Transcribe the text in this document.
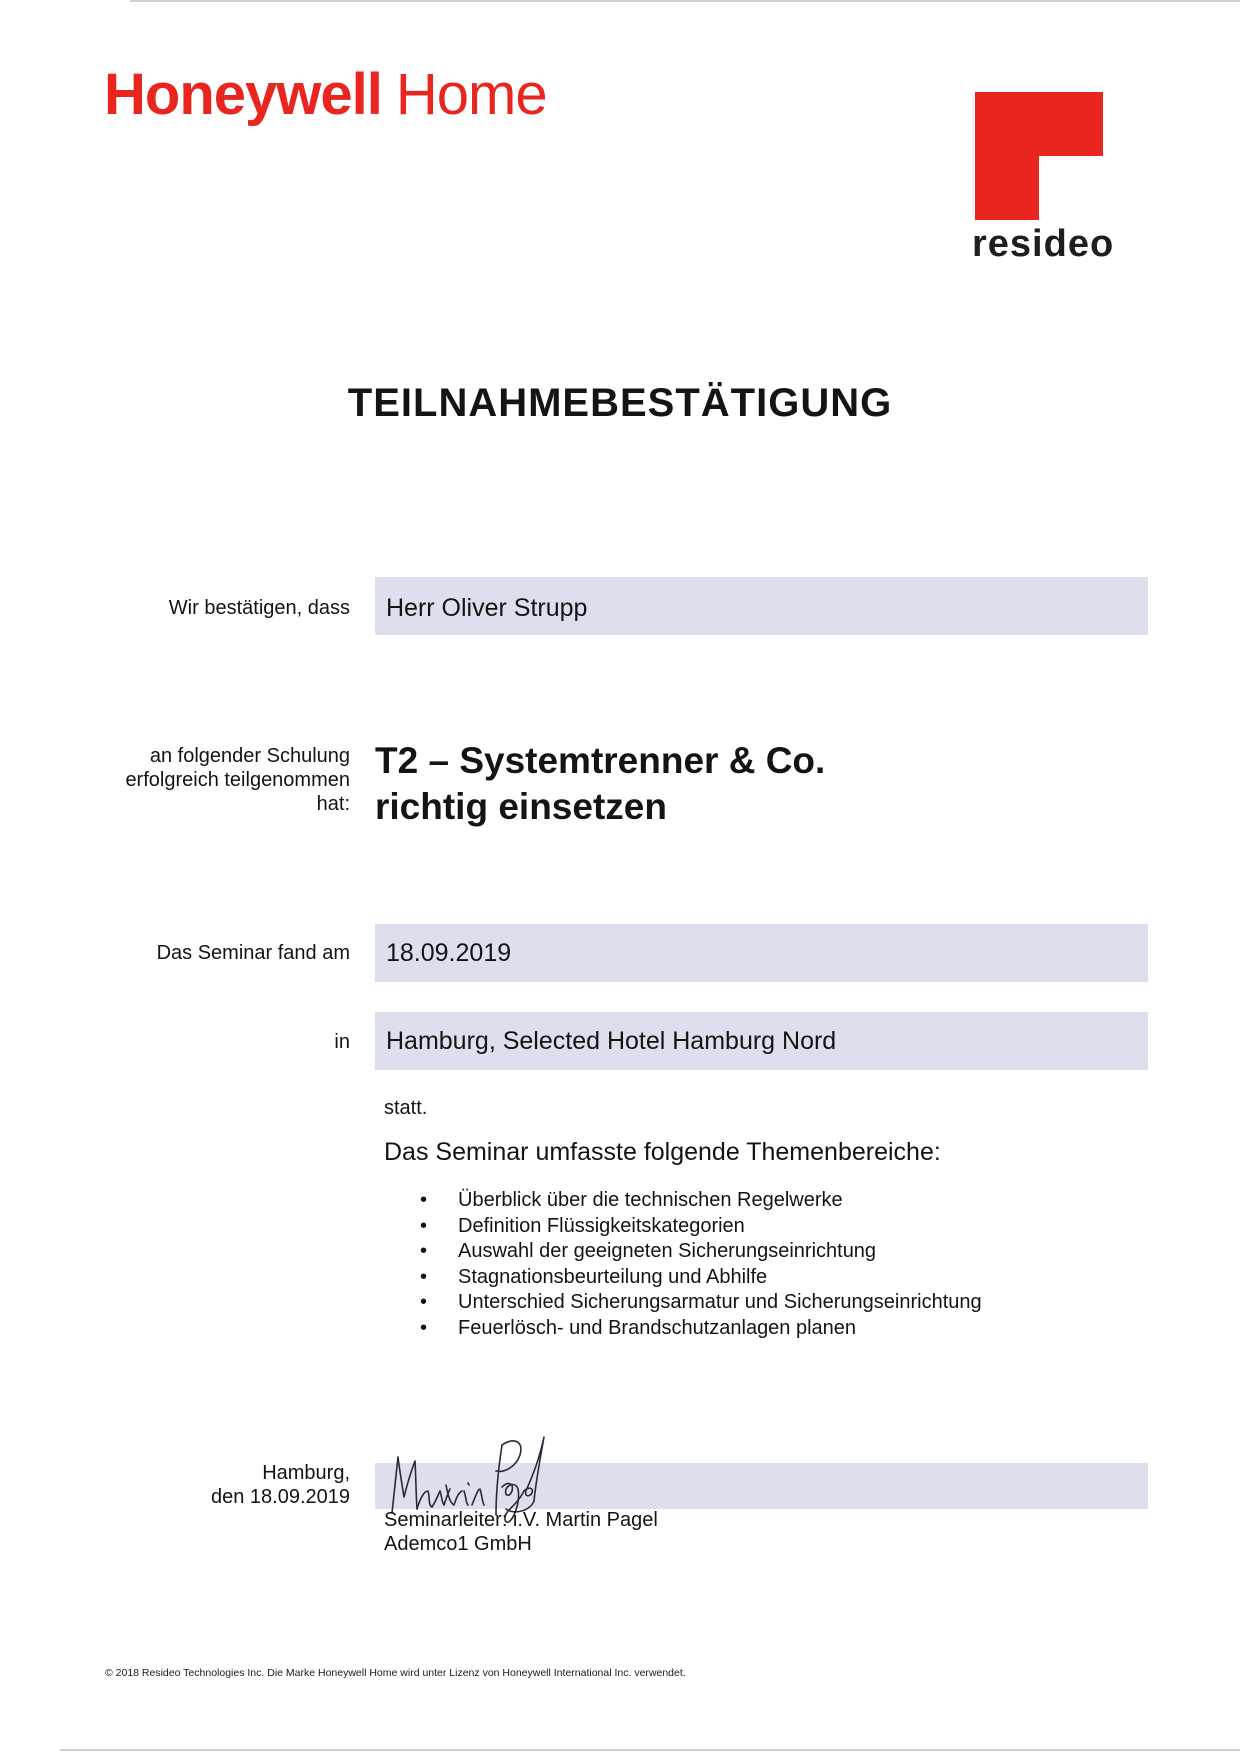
Honeywell Home
resideo
TEILNAHMEBESTÄTIGUNG
Wir bestätigen, dass Herr Oliver Strupp
an folgender Schulung
erfolgreich teilgenommen
hat:
T2 – Systemtrenner & Co.
richtig einsetzen
Das Seminar fand am 18.09.2019
in Hamburg, Selected Hotel Hamburg Nord
statt.
Das Seminar umfasste folgende Themenbereiche:
• Überblick über die technischen Regelwerke
• Definition Flüssigkeitskategorien
• Auswahl der geeigneten Sicherungseinrichtung
• Stagnationsbeurteilung und Abhilfe
• Unterschied Sicherungsarmatur und Sicherungseinrichtung
• Feuerlösch- und Brandschutzanlagen planen
Hamburg,
den 18.09.2019
Seminarleiter: i.V. Martin Pagel
Ademco1 GmbH
© 2018 Resideo Technologies Inc. Die Marke Honeywell Home wird unter Lizenz von Honeywell International Inc. verwendet.
